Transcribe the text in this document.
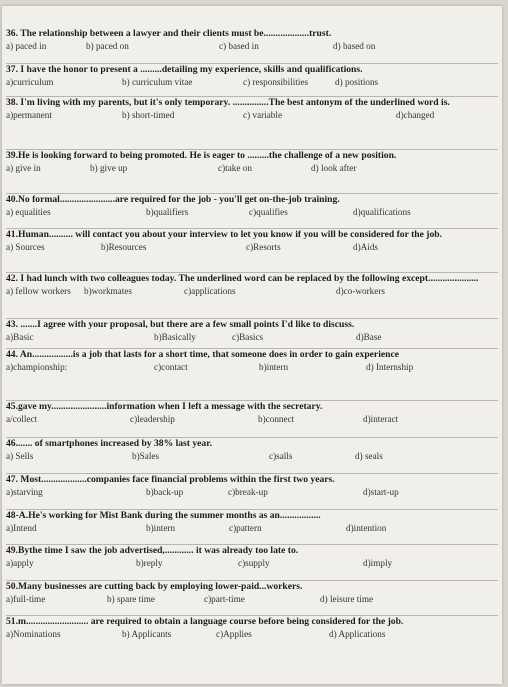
36. The relationship between a lawyer and their clients must be...................trust.
a) paced in	b) paced on	c) based in	d) based on
37. I have the honor to present a .........detailing my experience, skills and qualifications.
a)curriculum	b) curriculum vitae	c) responsibilities	d) positions
38. I'm living with my parents, but it's only temporary. ...............The best antonym of the underlined word is.
a)permanent	b) short-timed	c) variable	d)changed
39.He is looking forward to being promoted. He is eager to .........the challenge of a new position.
a) give in	b) give up	c)take on	d) look after
40.No formal.......................are required for the job - you'll get on-the-job training.
a) equalities	b)qualifiers	c)qualifies	d)qualifications
41.Human.......... will contact you about your interview to let you know if you will be considered for the job.
a) Sources	b)Resources	c)Resorts	d)Aids
42. I had lunch with two colleagues today. The underlined word can be replaced by the following except.....................
a) fellow workers b)workmates	c)applications	d)co-workers
43. .......I agree with your proposal, but there are a few small points I'd like to discuss.
a)Basic	b)Basically	c)Basics	d)Base
44. An.................is a job that lasts for a short time, that someone does in order to gain experience
a)championship:	c)contact	b)intern	d) Internship
45.gave my.......................information when I left a message with the secretary.
a/collect	c)leadership	b)connect	d)interact
46....... of smartphones increased by 38% last year.
a) Sells	b)Sales	c)salls	d) seals
47. Most...................companies face financial problems within the first two years.
a)starving	b)back-up	c)break-up	d)start-up
48-A.He's working for Mist Bank during the summer months as an.................
a)Intend	b)intern	c)pattern	d)intention
49.Bythe time I saw the job advertised,............ it was already too late to.
a)apply	b)reply	c)supply	d)imply
50.Many businesses are cutting back by employing lower-paid...workers.
a)full-time	b) spare time	c)part-time	d) leisure time
51.m.......................... are required to obtain a language course before being considered for the job.
a)Nominations	b) Applicants	c)Applies	d) Applications
